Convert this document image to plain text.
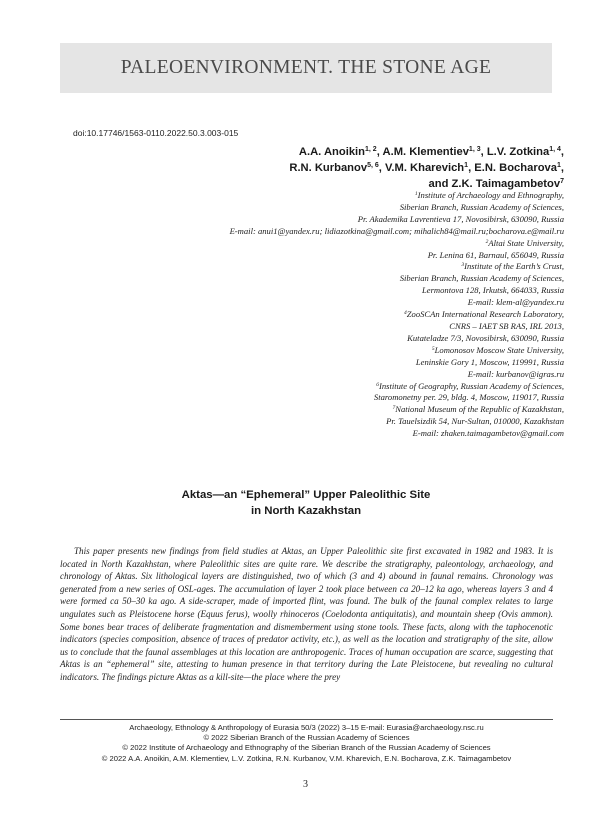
PALEOENVIRONMENT. THE STONE AGE
doi:10.17746/1563-0110.2022.50.3.003-015
A.A. Anoikin$^{1, 2}$, A.M. Klementiev$^{1, 3}$, L.V. Zotkina$^{1, 4}$,
R.N. Kurbanov$^{5, 6}$, V.M. Kharevich$^1$, E.N. Bocharova$^1$,
and Z.K. Taimagambetov$^7$
$^1$Institute of Archaeology and Ethnography,
Siberian Branch, Russian Academy of Sciences,
Pr. Akademika Lavrentieva 17, Novosibirsk, 630090, Russia
E-mail: anui1@yandex.ru; lidiazotkina@gmail.com; mihalich84@mail.ru;bocharova.e@mail.ru
$^2$Altai State University,
Pr. Lenina 61, Barnaul, 656049, Russia
$^3$Institute of the Earth’s Crust,
Siberian Branch, Russian Academy of Sciences,
Lermontova 128, Irkutsk, 664033, Russia
E-mail: klem-al@yandex.ru
$^4$ZooSCAn International Research Laboratory,
CNRS – IAET SB RAS, IRL 2013,
Kutateladze 7/3, Novosibirsk, 630090, Russia
$^5$Lomonosov Moscow State University,
Leninskie Gory 1, Moscow, 119991, Russia
E-mail: kurbanov@igras.ru
$^6$Institute of Geography, Russian Academy of Sciences,
Staromonetny per. 29, bldg. 4, Moscow, 119017, Russia
$^7$National Museum of the Republic of Kazakhstan,
Pr. Tauelsizdik 54, Nur-Sultan, 010000, Kazakhstan
E-mail: zhaken.taimagambetov@gmail.com
Aktas—an “Ephemeral” Upper Paleolithic Site
in North Kazakhstan

This paper presents new findings from field studies at Aktas, an Upper Paleolithic site first excavated in 1982 and 1983. It is located in North Kazakhstan, where Paleolithic sites are quite rare. We describe the stratigraphy, paleontology, archaeology, and chronology of Aktas. Six lithological layers are distinguished, two of which (3 and 4) abound in faunal remains. Chronology was generated from a new series of OSL-ages. The accumulation of layer 2 took place between ca 20–12 ka ago, whereas layers 3 and 4 were formed ca 50–30 ka ago. A side-scraper, made of imported flint, was found. The bulk of the faunal complex relates to large ungulates such as Pleistocene horse (Equus ferus), woolly rhinoceros (Coelodonta antiquitatis), and mountain sheep (Ovis ammon). Some bones bear traces of deliberate fragmentation and dismemberment using stone tools. These facts, along with the taphocenotic indicators (species composition, absence of traces of predator activity, etc.), as well as the location and stratigraphy of the site, allow us to conclude that the faunal assemblages at this location are anthropogenic. Traces of human occupation are scarce, suggesting that Aktas is an “ephemeral” site, attesting to human presence in that territory during the Late Pleistocene, but revealing no cultural indicators. The findings picture Aktas as a kill-site—the place where the prey

Archaeology, Ethnology & Anthropology of Eurasia 50/3 (2022) 3–15 E-mail: Eurasia@archaeology.nsc.ru
© 2022 Siberian Branch of the Russian Academy of Sciences
© 2022 Institute of Archaeology and Ethnography of the Siberian Branch of the Russian Academy of Sciences
© 2022 A.A. Anoikin, A.M. Klementiev, L.V. Zotkina, R.N. Kurbanov, V.M. Kharevich, E.N. Bocharova, Z.K. Taimagambetov
3
